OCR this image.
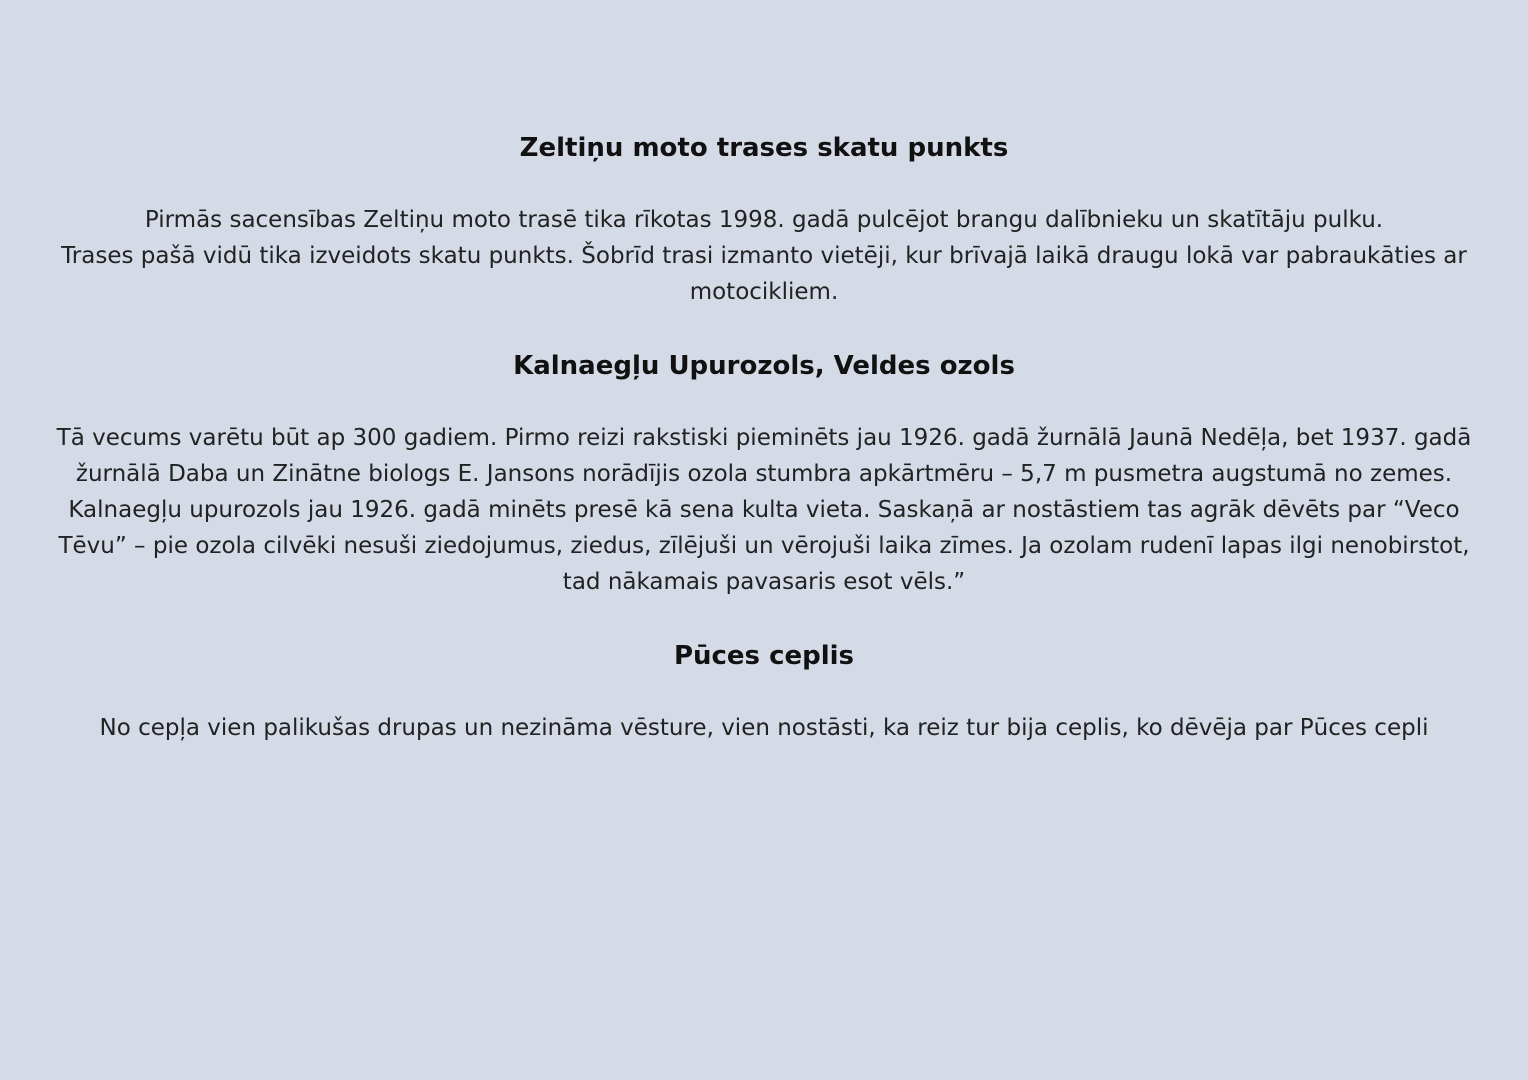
Zeltiņu moto trases skatu punkts

Pirmās sacensības Zeltiņu moto trasē tika rīkotas 1998. gadā pulcējot brangu dalībnieku un skatītāju pulku.

Trases pašā vidū tika izveidots skatu punkts. Šobrīd trasi izmanto vietēji, kur brīvajā laikā draugu lokā var pabraukāties ar motocikliem.

Kalnaegļu Upurozols, Veldes ozols

Tā vecums varētu būt ap 300 gadiem. Pirmo reizi rakstiski pieminēts jau 1926. gadā žurnālā Jaunā Nedēļa, bet 1937. gadā žurnālā Daba un Zinātne biologs E. Jansons norādījis ozola stumbra apkārtmēru – 5,7 m pusmetra augstumā no zemes.

Kalnaegļu upurozols jau 1926. gadā minēts presē kā sena kulta vieta. Saskaņā ar nostāstiem tas agrāk dēvēts par “Veco Tēvu” – pie ozola cilvēki nesuši ziedojumus, ziedus, zīlējuši un vērojuši laika zīmes. Ja ozolam rudenī lapas ilgi nenobirstot, tad nākamais pavasaris esot vēls.”

Pūces ceplis

No cepļa vien palikušas drupas un nezināma vēsture, vien nostāsti, ka reiz tur bija ceplis, ko dēvēja par Pūces cepli
